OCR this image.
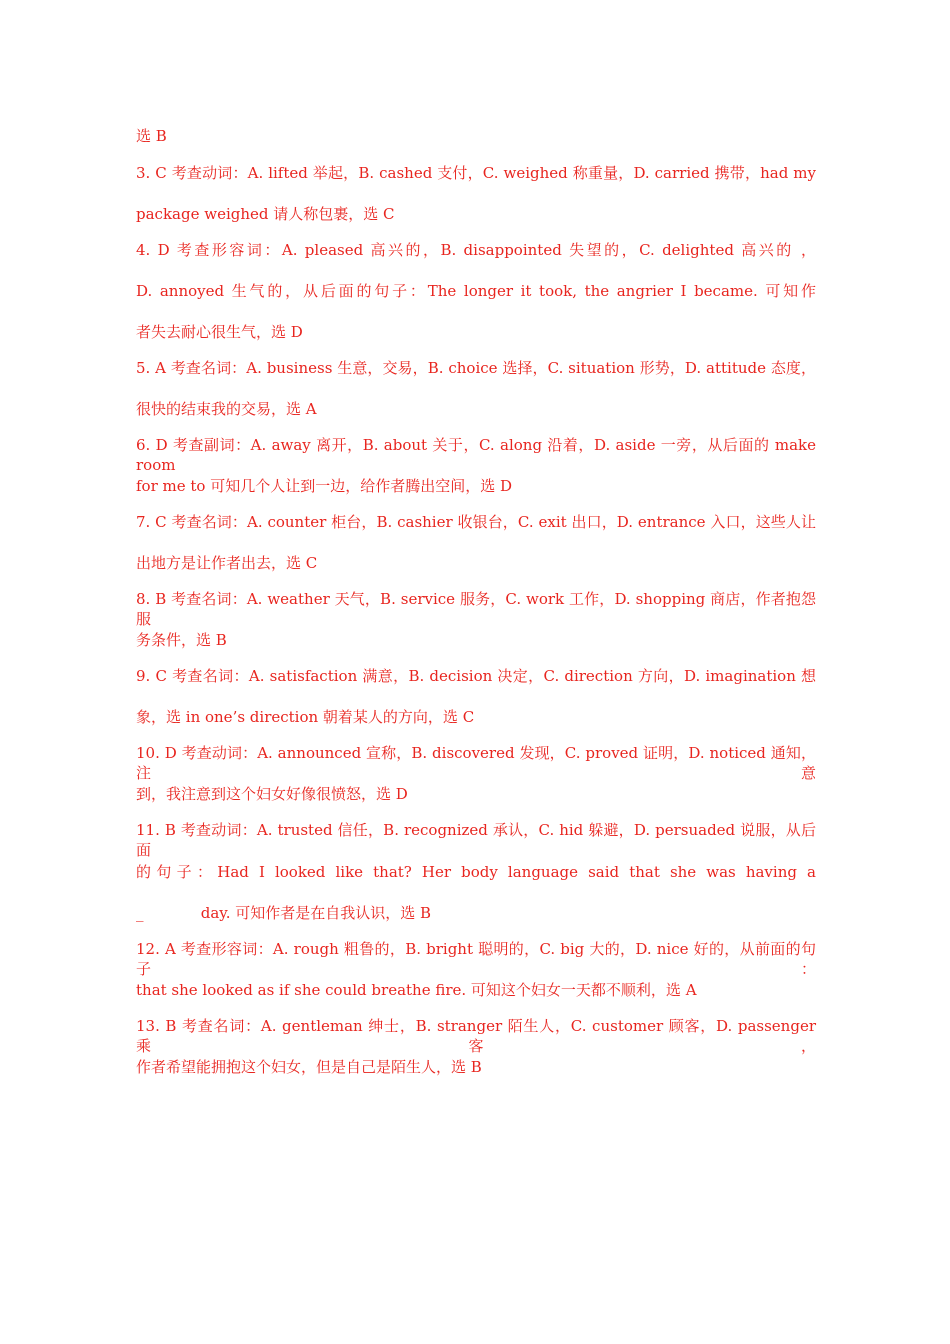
选 B

3. C 考查动词：A. lifted 举起，B. cashed 支付，C. weighed 称重量，D. carried 携带，had my

package weighed 请人称包裹，选 C

4. D 考查形容词：A. pleased 高兴的，B. disappointed 失望的，C. delighted 高兴的 ，

D. annoyed 生气的，从后面的句子：The longer it took, the angrier I became. 可知作

者失去耐心很生气，选 D

5. A 考查名词：A. business 生意，交易，B. choice 选择，C. situation 形势，D. attitude 态度，

很快的结束我的交易，选 A

6. D 考查副词：A. away 离开，B. about 关于，C. along 沿着，D. aside 一旁，从后面的 make room

for me to 可知几个人让到一边，给作者腾出空间，选 D

7. C 考查名词：A. counter 柜台，B. cashier 收银台，C. exit 出口，D. entrance 入口，这些人让

出地方是让作者出去，选 C

8. B 考查名词：A. weather 天气，B. service 服务，C. work 工作，D. shopping 商店，作者抱怨服

务条件，选 B

9. C 考查名词：A. satisfaction 满意，B. decision 决定，C. direction 方向，D. imagination 想

象，选 in one’s direction 朝着某人的方向，选 C

10. D 考查动词：A. announced 宣称，B. discovered 发现，C. proved 证明，D. noticed 通知，注意

到，我注意到这个妇女好像很愤怒，选 D

11. B 考查动词：A. trusted 信任，B. recognized 承认，C. hid 躲避，D. persuaded 说服，从后面

的句子：Had I looked like that? Her body language said that she was having a

_            day. 可知作者是在自我认识，选 B

12. A 考查形容词：A. rough 粗鲁的，B. bright 聪明的，C. big 大的，D. nice 好的，从前面的句子：

that she looked as if she could breathe fire. 可知这个妇女一天都不顺利，选 A

13. B 考查名词：A. gentleman 绅士，B. stranger 陌生人，C. customer 顾客，D. passenger 乘客，

作者希望能拥抱这个妇女，但是自己是陌生人，选 B
